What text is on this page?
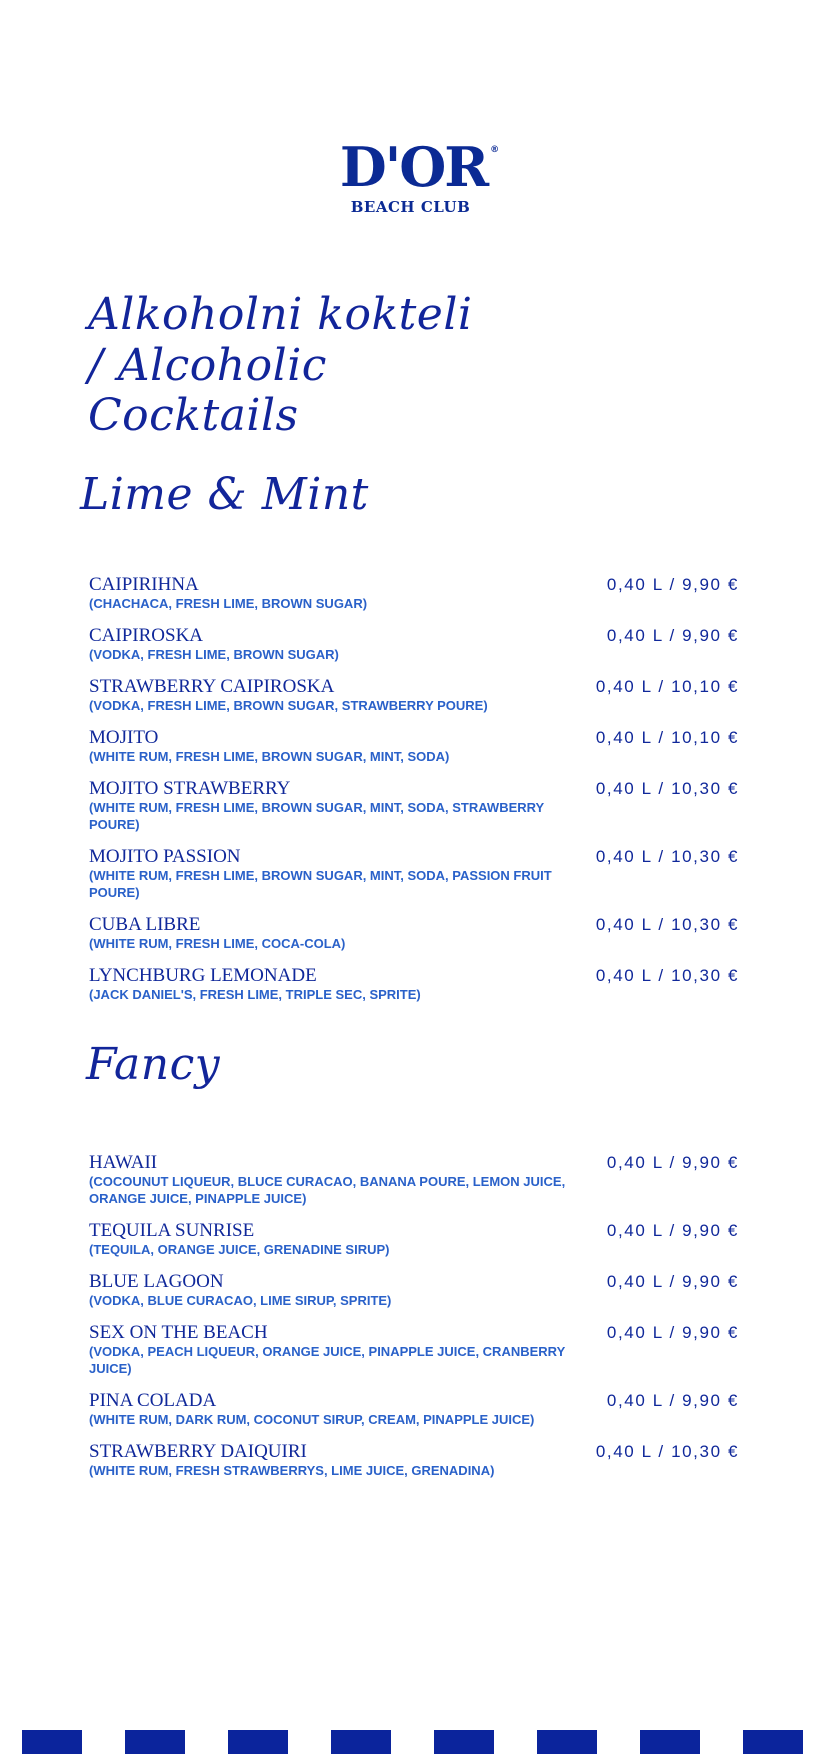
D'OR ®
BEACH CLUB
Alkoholni kokteli / Alcoholic Cocktails
Lime & Mint
CAIPIRIHNA
(CHACHACA, FRESH LIME, BROWN SUGAR)
0,40 L / 9,90 €
CAIPIROSKA
(VODKA, FRESH LIME, BROWN SUGAR)
0,40 L / 9,90 €
STRAWBERRY CAIPIROSKA
(VODKA, FRESH LIME, BROWN SUGAR, STRAWBERRY POURE)
0,40 L / 10,10 €
MOJITO
(WHITE RUM, FRESH LIME, BROWN SUGAR, MINT, SODA)
0,40 L / 10,10 €
MOJITO STRAWBERRY
(WHITE RUM, FRESH LIME, BROWN SUGAR, MINT, SODA, STRAWBERRY POURE)
0,40 L / 10,30 €
MOJITO PASSION
(WHITE RUM, FRESH LIME, BROWN SUGAR, MINT, SODA, PASSION FRUIT POURE)
0,40 L / 10,30 €
CUBA LIBRE
(WHITE RUM, FRESH LIME, COCA-COLA)
0,40 L / 10,30 €
LYNCHBURG LEMONADE
(JACK DANIEL'S, FRESH LIME, TRIPLE SEC, SPRITE)
0,40 L / 10,30 €
Fancy
HAWAII
(COCOUNUT LIQUEUR, BLUCE CURACAO, BANANA POURE, LEMON JUICE, ORANGE JUICE, PINAPPLE JUICE)
0,40 L / 9,90 €
TEQUILA SUNRISE
(TEQUILA, ORANGE JUICE, GRENADINE SIRUP)
0,40 L / 9,90 €
BLUE LAGOON
(VODKA, BLUE CURACAO, LIME SIRUP, SPRITE)
0,40 L / 9,90 €
SEX ON THE BEACH
(VODKA, PEACH LIQUEUR, ORANGE JUICE, PINAPPLE JUICE, CRANBERRY JUICE)
0,40 L / 9,90 €
PINA COLADA
(WHITE RUM, DARK RUM, COCONUT SIRUP, CREAM, PINAPPLE JUICE)
0,40 L / 9,90 €
STRAWBERRY DAIQUIRI
(WHITE RUM, FRESH STRAWBERRYS, LIME JUICE, GRENADINA)
0,40 L / 10,30 €
